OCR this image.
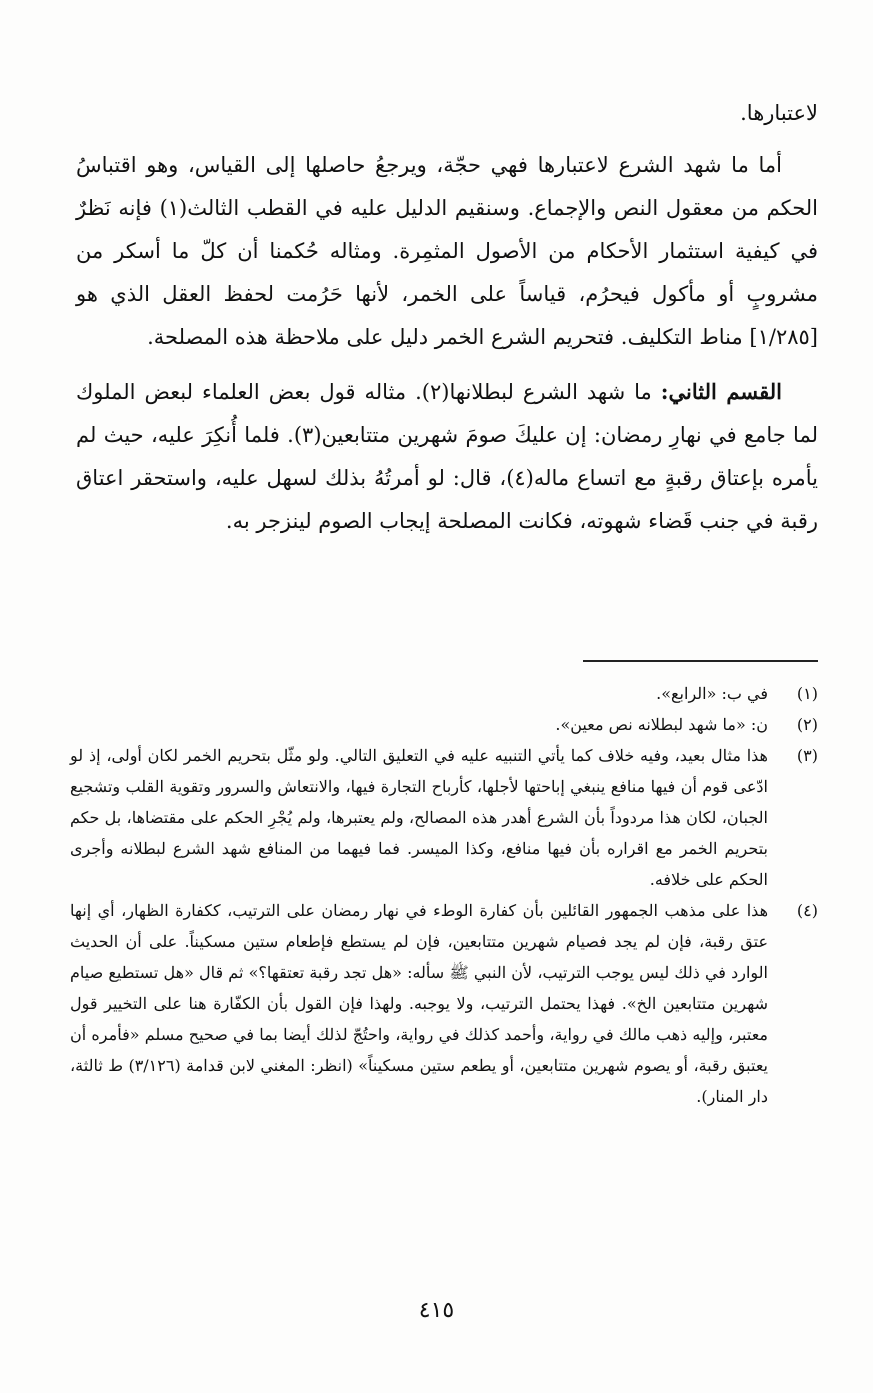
لاعتبارها.

أما ما شهد الشرع لاعتبارها فهي حجّة، ويرجعُ حاصلها إلى القياس، وهو اقتباسُ الحكم من معقول النص والإجماع. وسنقيم الدليل عليه في القطب الثالث(١) فإنه نَظرٌ في كيفية استثمار الأحكام من الأصول المثمِرة. ومثاله حُكمنا أن كلّ ما أسكر من مشروبٍ أو مأكول فيحرُم، قياساً على الخمر، لأنها حَرُمت لحفظ العقل الذي هو [١/٢٨٥] مناط التكليف. فتحريم الشرع الخمر دليل على ملاحظة هذه المصلحة.

القسم الثاني: ما شهد الشرع لبطلانها(٢). مثاله قول بعض العلماء لبعض الملوك لما جامع في نهارِ رمضان: إن عليكَ صومَ شهرين متتابعين(٣). فلما أُنكِرَ عليه، حيث لم يأمره بإعتاق رقبةٍ مع اتساع ماله(٤)، قال: لو أمرتُهُ بذلك لسهل عليه، واستحقر اعتاق رقبة في جنب قَضاء شهوته، فكانت المصلحة إيجاب الصوم لينزجر به.

(١)
في ب: «الرابع».
(٢)
ن: «ما شهد لبطلانه نص معين».
(٣)
هذا مثال بعيد، وفيه خلاف كما يأتي التنبيه عليه في التعليق التالي. ولو مثّل بتحريم الخمر لكان أولى، إذ لو ادّعى قوم أن فيها منافع ينبغي إباحتها لأجلها، كأرباح التجارة فيها، والانتعاش والسرور وتقوية القلب وتشجيع الجبان، لكان هذا مردوداً بأن الشرع أهدر هذه المصالح، ولم يعتبرها، ولم يُجْرِ الحكم على مقتضاها، بل حكم بتحريم الخمر مع اقراره بأن فيها منافع، وكذا الميسر. فما فيهما من المنافع شهد الشرع لبطلانه وأجرى الحكم على خلافه.
(٤)
هذا على مذهب الجمهور القائلين بأن كفارة الوطء في نهار رمضان على الترتيب، ككفارة الظهار، أي إنها عتق رقبة، فإن لم يجد فصيام شهرين متتابعين، فإن لم يستطع فإطعام ستين مسكيناً. على أن الحديث الوارد في ذلك ليس يوجب الترتيب، لأن النبي ﷺ سأله: «هل تجد رقبة تعتقها؟» ثم قال «هل تستطيع صيام شهرين متتابعين الخ». فهذا يحتمل الترتيب، ولا يوجبه. ولهذا فإن القول بأن الكفّارة هنا على التخيير قول معتبر، وإليه ذهب مالك في رواية، وأحمد كذلك في رواية، واحتُجّ لذلك أيضا بما في صحيح مسلم «فأمره أن يعتبق رقبة، أو يصوم شهرين متتابعين، أو يطعم ستين مسكيناً» (انظر: المغني لابن قدامة (٣/١٢٦) ط ثالثة، دار المنار).
٤١٥
